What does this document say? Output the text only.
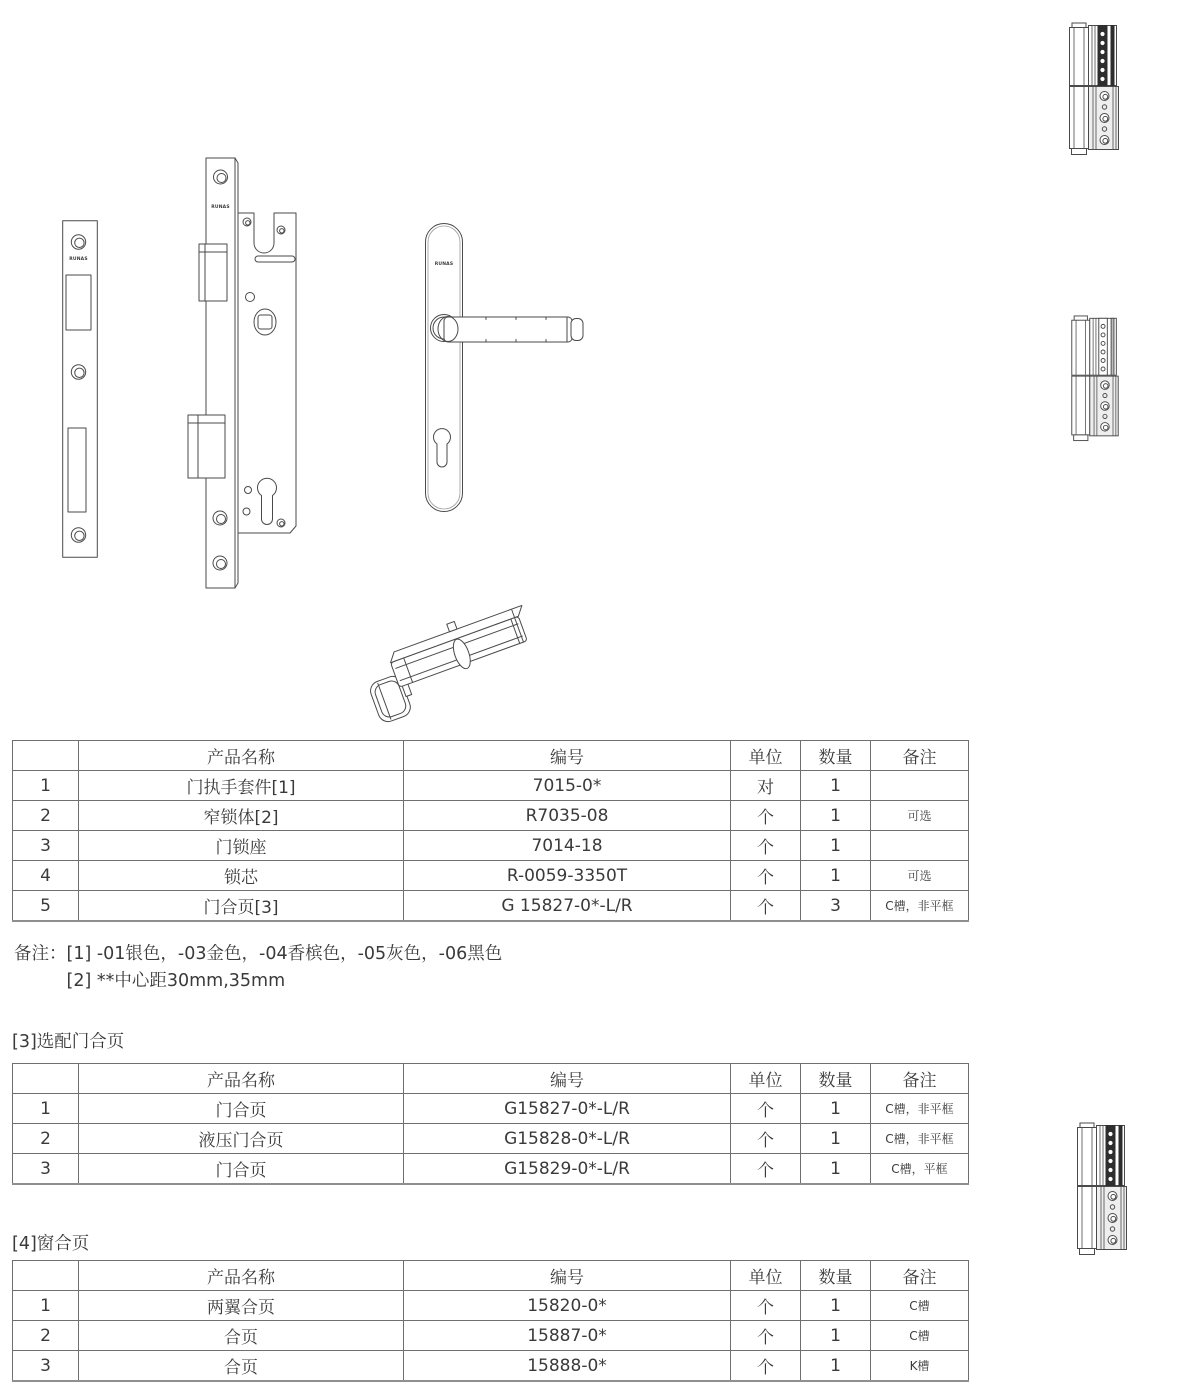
RUNAS
RUNAS
RUNAS
	产品名称	编号	单位	数量	备注
1	门执手套件[1]	7015-0*	对	1	
2	窄锁体[2]	R7035-08	个	1	可选
3	门锁座	7014-18	个	1	
4	锁芯	R-0059-3350T	个	1	可选
5	门合页[3]	G 15827-0*-L/R	个	3	C槽，非平框
备注： [1] -01银色，-03金色，-04香槟色，-05灰色，-06黑色
[2] **中心距30mm,35mm
[3]选配门合页
	产品名称	编号	单位	数量	备注
1	门合页	G15827-0*-L/R	个	1	C槽，非平框
2	液压门合页	G15828-0*-L/R	个	1	C槽，非平框
3	门合页	G15829-0*-L/R	个	1	C槽，平框
[4]窗合页
	产品名称	编号	单位	数量	备注
1	两翼合页	15820-0*	个	1	C槽
2	合页	15887-0*	个	1	C槽
3	合页	15888-0*	个	1	K槽
